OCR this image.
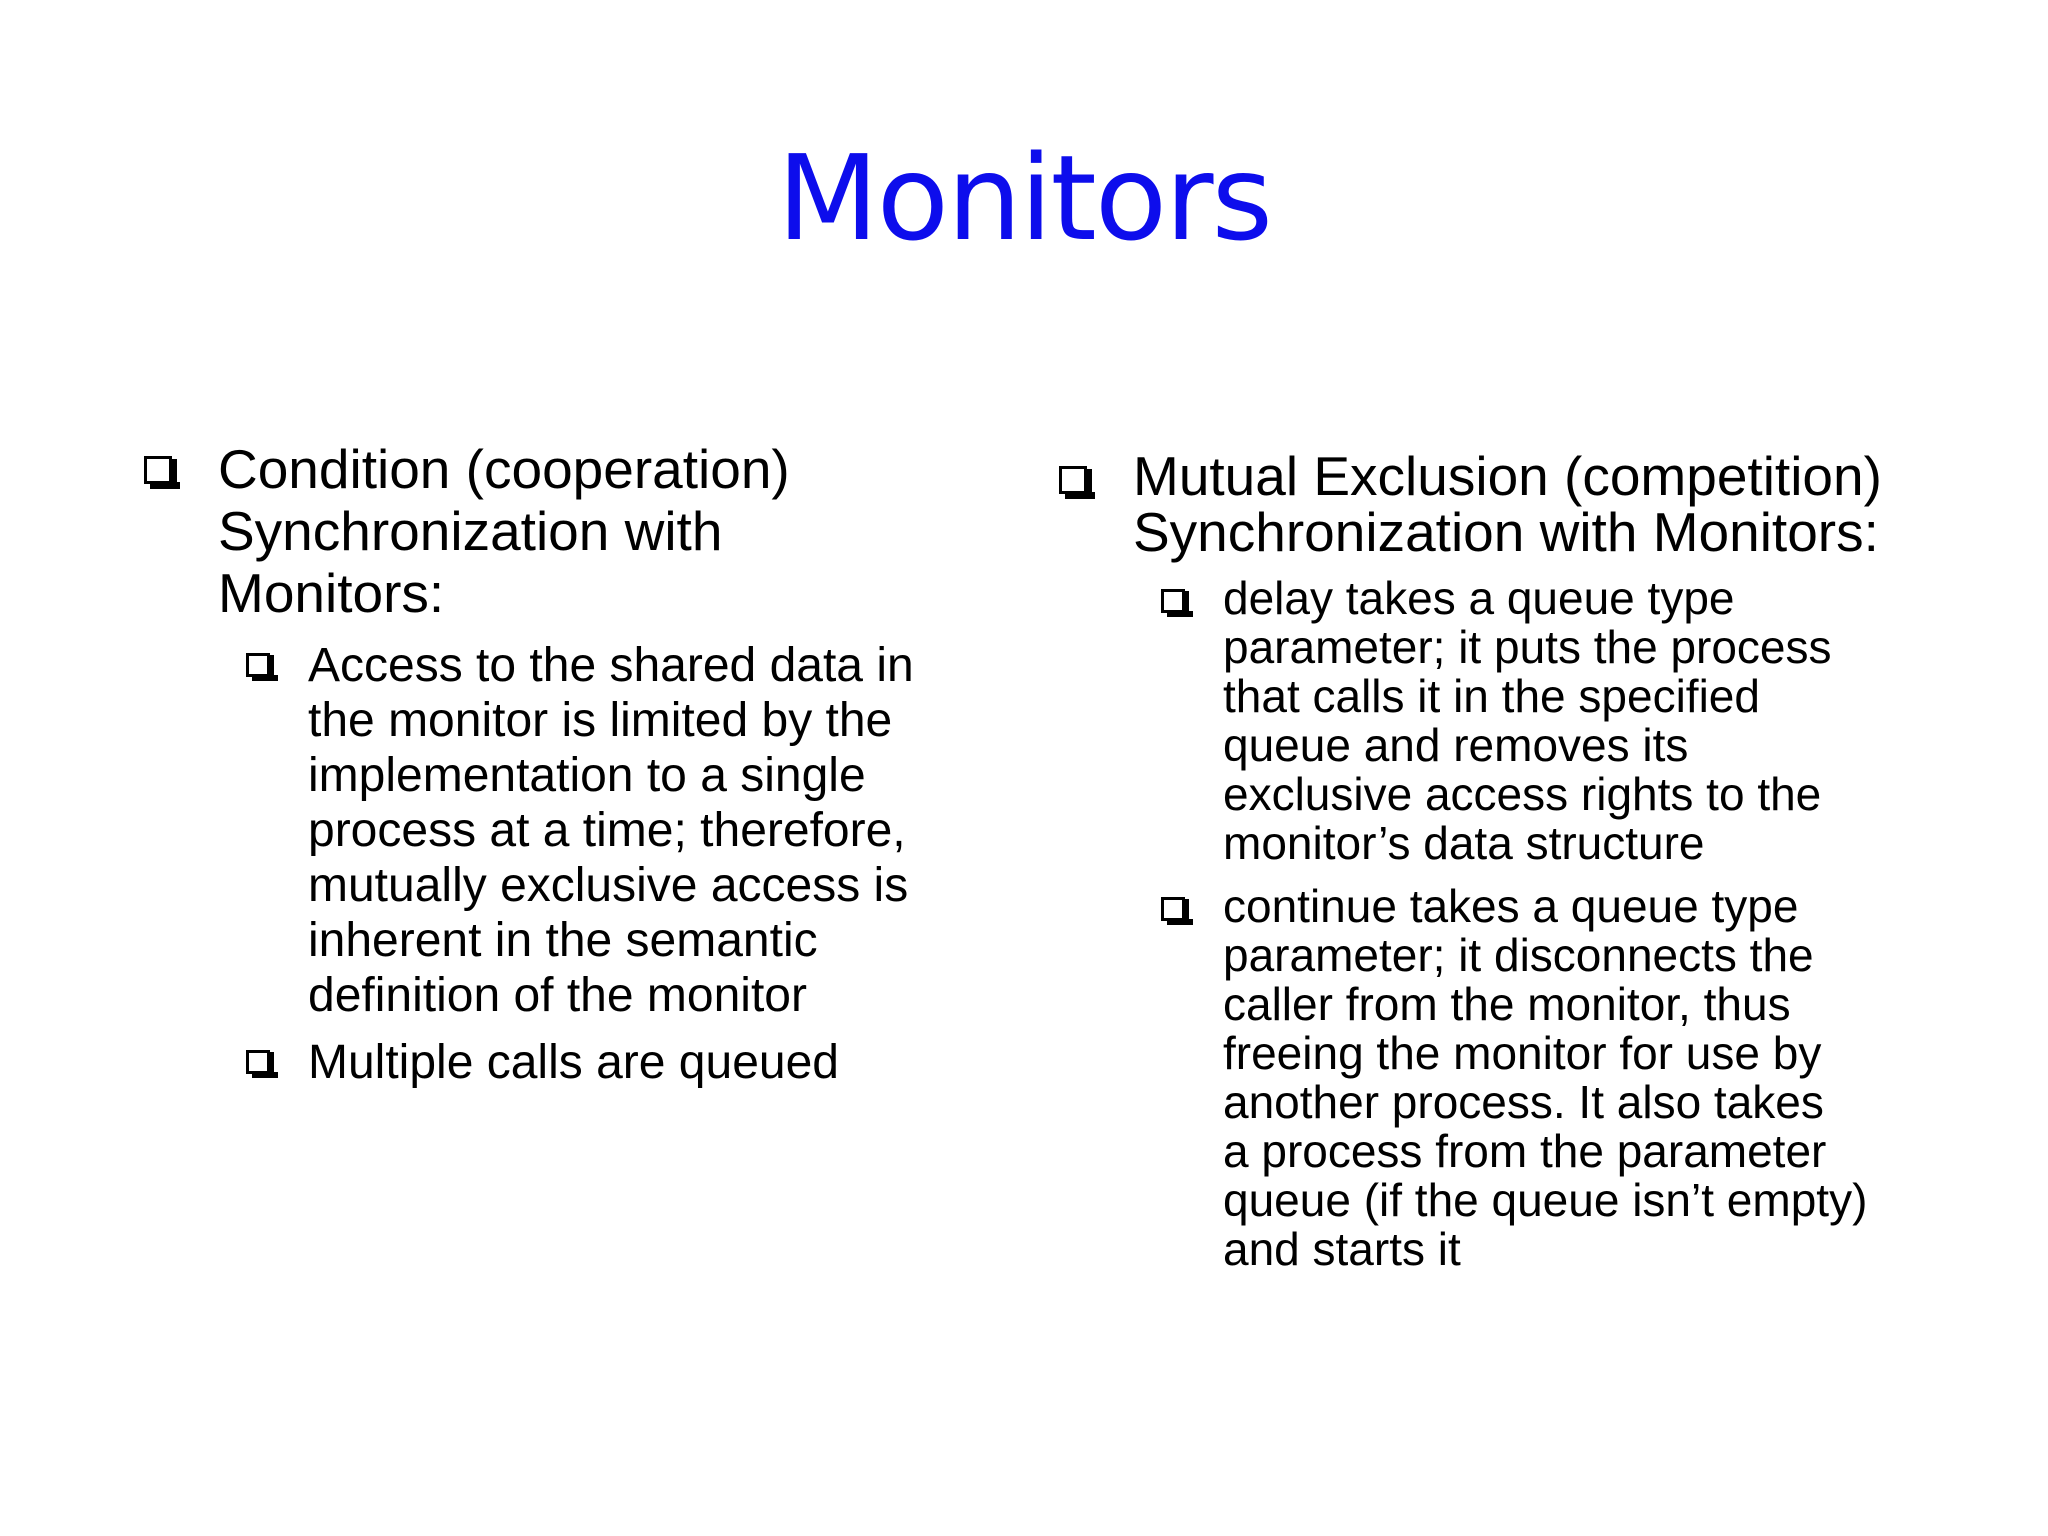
Monitors
Condition (cooperation)
Synchronization with
Monitors:
Access to the shared data in
the monitor is limited by the
implementation to a single
process at a time; therefore,
mutually exclusive access is
inherent in the semantic
definition of the monitor
Multiple calls are queued
Mutual Exclusion (competition)
Synchronization with Monitors:
delay takes a queue type
parameter; it puts the process
that calls it in the specified
queue and removes its
exclusive access rights to the
monitor’s data structure
continue takes a queue type
parameter; it disconnects the
caller from the monitor, thus
freeing the monitor for use by
another process. It also takes
a process from the parameter
queue (if the queue isn’t empty)
and starts it
